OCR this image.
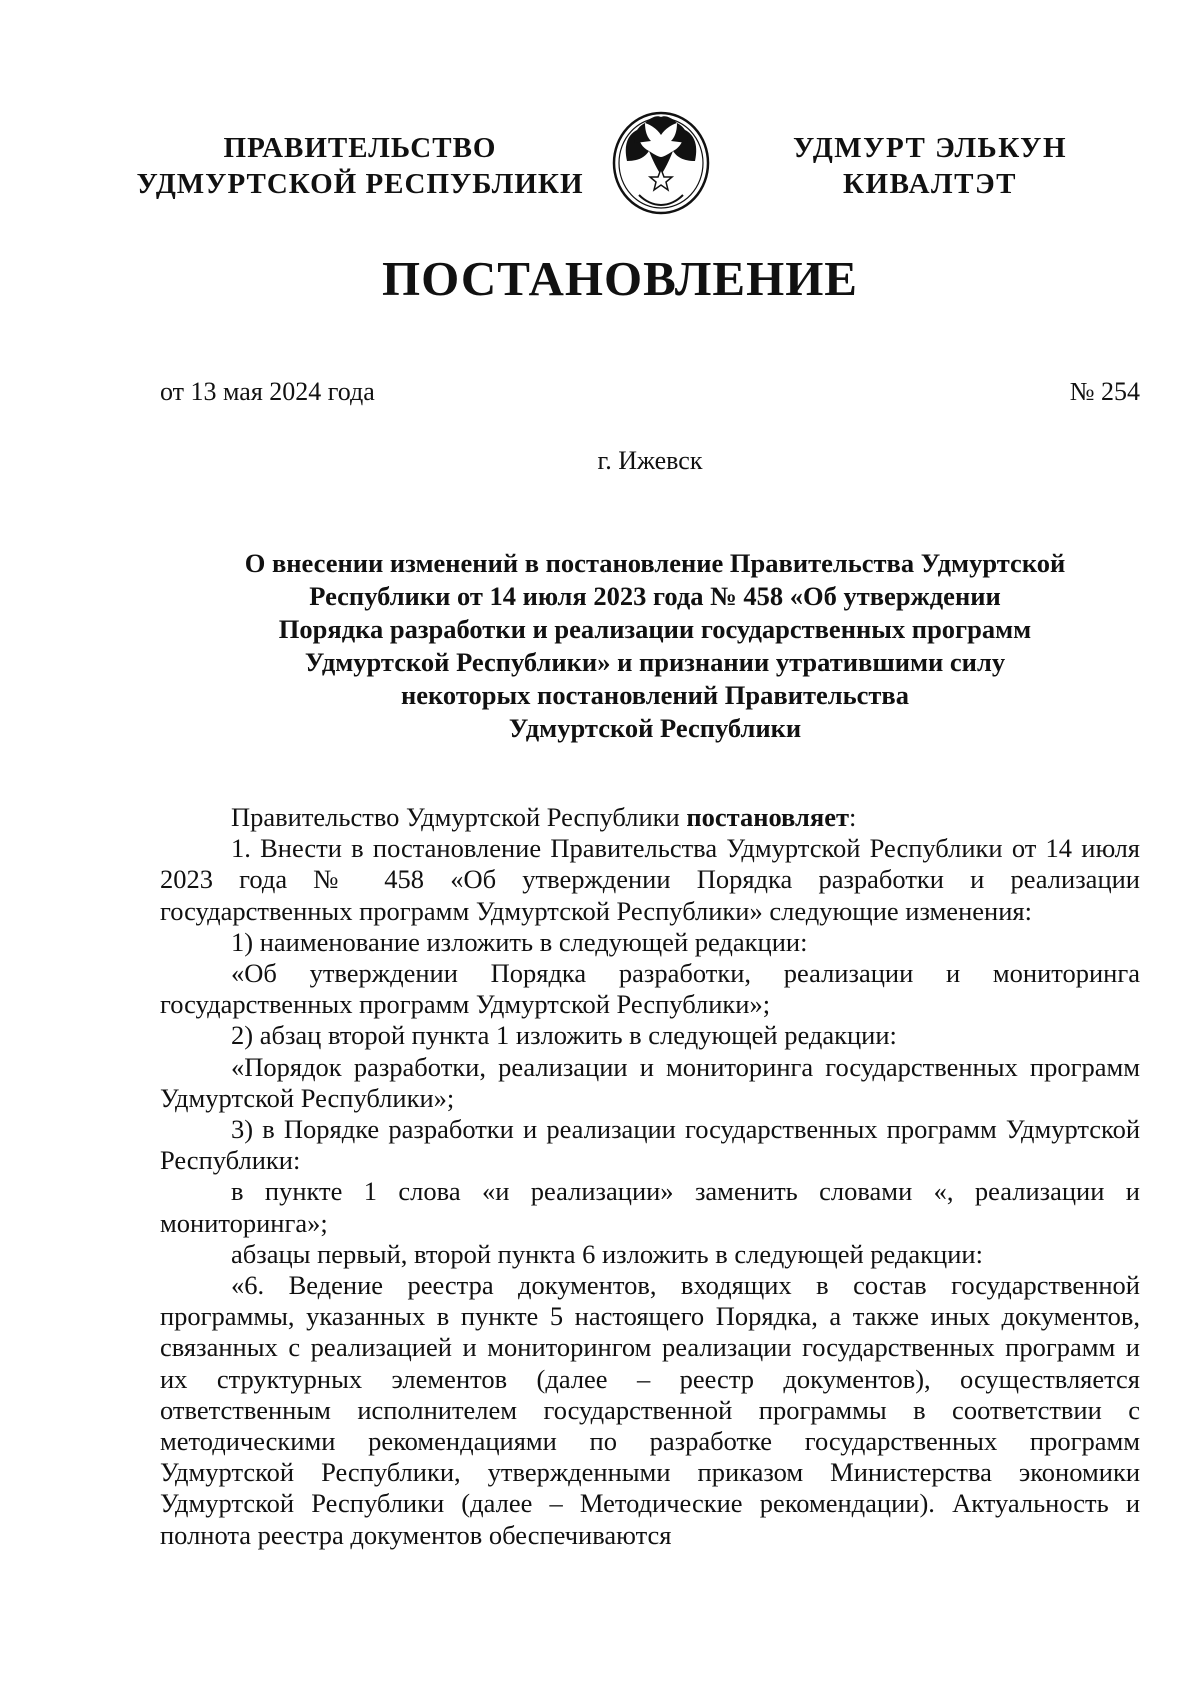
ПРАВИТЕЛЬСТВО
УДМУРТСКОЙ РЕСПУБЛИКИ
УДМУРТ ЭЛЬКУН
КИВАЛТЭТ
ПОСТАНОВЛЕНИЕ
от 13 мая 2024 года	№ 254
г. Ижевск
О внесении изменений в постановление Правительства Удмуртской
Республики от 14 июля 2023 года № 458 «Об утверждении
Порядка разработки и реализации государственных программ
Удмуртской Республики» и признании утратившими силу
некоторых постановлений Правительства
Удмуртской Республики

Правительство Удмуртской Республики постановляет:

1. Внести в постановление Правительства Удмуртской Республики от 14 июля 2023 года № 458 «Об утверждении Порядка разработки и реализации государственных программ Удмуртской Республики» следующие изменения:

1) наименование изложить в следующей редакции:

«Об утверждении Порядка разработки, реализации и мониторинга государственных программ Удмуртской Республики»;

2) абзац второй пункта 1 изложить в следующей редакции:

«Порядок разработки, реализации и мониторинга государственных программ Удмуртской Республики»;

3) в Порядке разработки и реализации государственных программ Удмуртской Республики:

в пункте 1 слова «и реализации» заменить словами «, реализации и мониторинга»;

абзацы первый, второй пункта 6 изложить в следующей редакции:

«6. Ведение реестра документов, входящих в состав государственной программы, указанных в пункте 5 настоящего Порядка, а также иных документов, связанных с реализацией и мониторингом реализации государственных программ и их структурных элементов (далее – реестр документов), осуществляется ответственным исполнителем государственной программы в соответствии с методическими рекомендациями по разработке государственных программ Удмуртской Республики, утвержденными приказом Министерства экономики Удмуртской Республики (далее – Методические рекомендации). Актуальность и полнота реестра документов обеспечиваются
